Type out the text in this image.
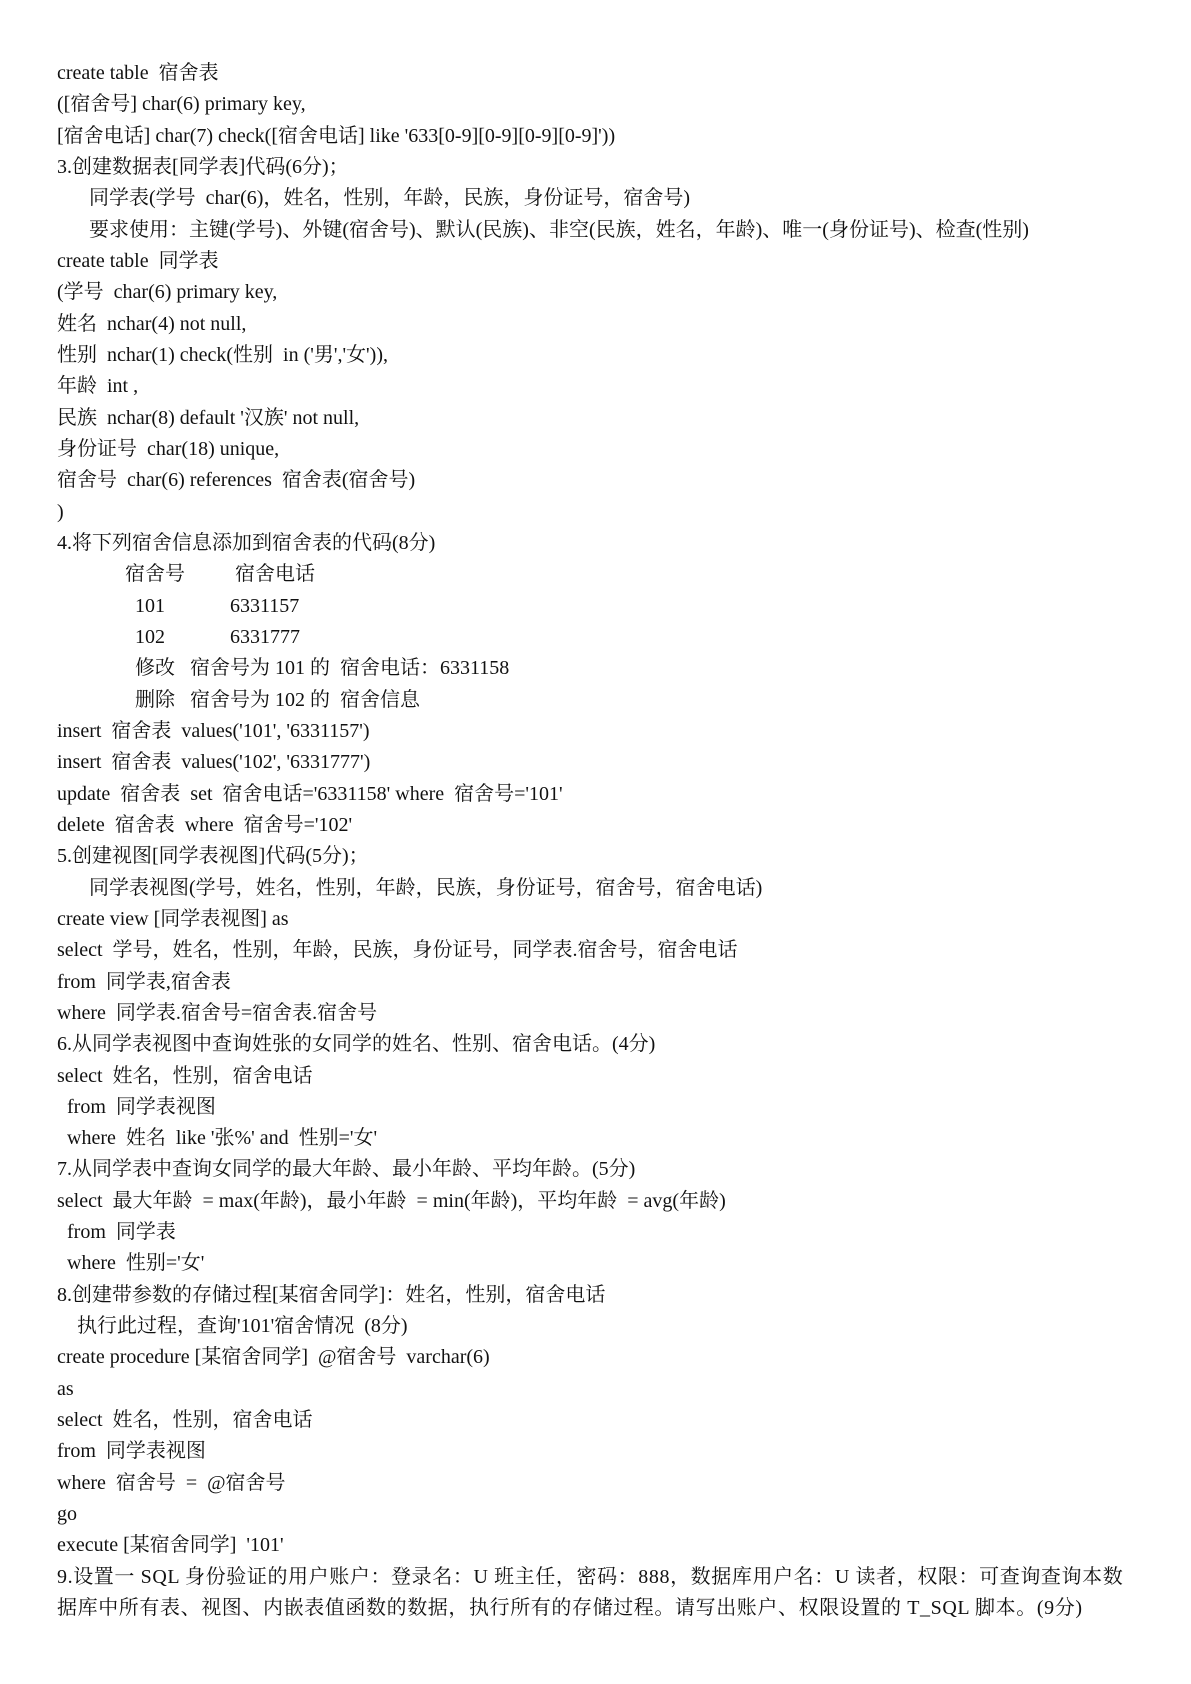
create table  宿舍表
([宿舍号] char(6) primary key,
[宿舍电话] char(7) check([宿舍电话] like '633[0-9][0-9][0-9][0-9]'))
3.创建数据表[同学表]代码(6分)；
同学表(学号  char(6)，姓名，性别，年龄，民族，身份证号，宿舍号)
要求使用：主键(学号)、外键(宿舍号)、默认(民族)、非空(民族，姓名，年龄)、唯一(身份证号)、检查(性别)
create table  同学表
(学号  char(6) primary key,
姓名  nchar(4) not null,
性别  nchar(1) check(性别  in ('男','女')),
年龄  int ,
民族  nchar(8) default '汉族' not null,
身份证号  char(18) unique,
宿舍号  char(6) references  宿舍表(宿舍号)
)
4.将下列宿舍信息添加到宿舍表的代码(8分)
宿舍号          宿舍电话
101             6331157
102             6331777
修改   宿舍号为 101 的  宿舍电话：6331158
删除   宿舍号为 102 的  宿舍信息
insert  宿舍表  values('101', '6331157')
insert  宿舍表  values('102', '6331777')
update  宿舍表  set  宿舍电话='6331158' where  宿舍号='101'
delete  宿舍表  where  宿舍号='102'
5.创建视图[同学表视图]代码(5分)；
同学表视图(学号，姓名，性别，年龄，民族，身份证号，宿舍号，宿舍电话)
create view [同学表视图] as
select  学号，姓名，性别，年龄，民族，身份证号，同学表.宿舍号，宿舍电话
from  同学表,宿舍表
where  同学表.宿舍号=宿舍表.宿舍号
6.从同学表视图中查询姓张的女同学的姓名、性别、宿舍电话。(4分)
select  姓名，性别，宿舍电话
from  同学表视图
where  姓名  like '张%' and  性别='女'
7.从同学表中查询女同学的最大年龄、最小年龄、平均年龄。(5分)
select  最大年龄  = max(年龄)，最小年龄  = min(年龄)，平均年龄  = avg(年龄)
from  同学表
where  性别='女'
8.创建带参数的存储过程[某宿舍同学]：姓名，性别，宿舍电话
执行此过程，查询'101'宿舍情况  (8分)
create procedure [某宿舍同学]  @宿舍号  varchar(6)
as
select  姓名，性别，宿舍电话
from  同学表视图
where  宿舍号  =  @宿舍号
go
execute [某宿舍同学]  '101'
9.设置一 SQL 身份验证的用户账户：登录名：U 班主任，密码：888，数据库用户名：U 读者，权限：可查询查询本数据库中所有表、视图、内嵌表值函数的数据，执行所有的存储过程。请写出账户、权限设置的 T_SQL 脚本。(9分)
